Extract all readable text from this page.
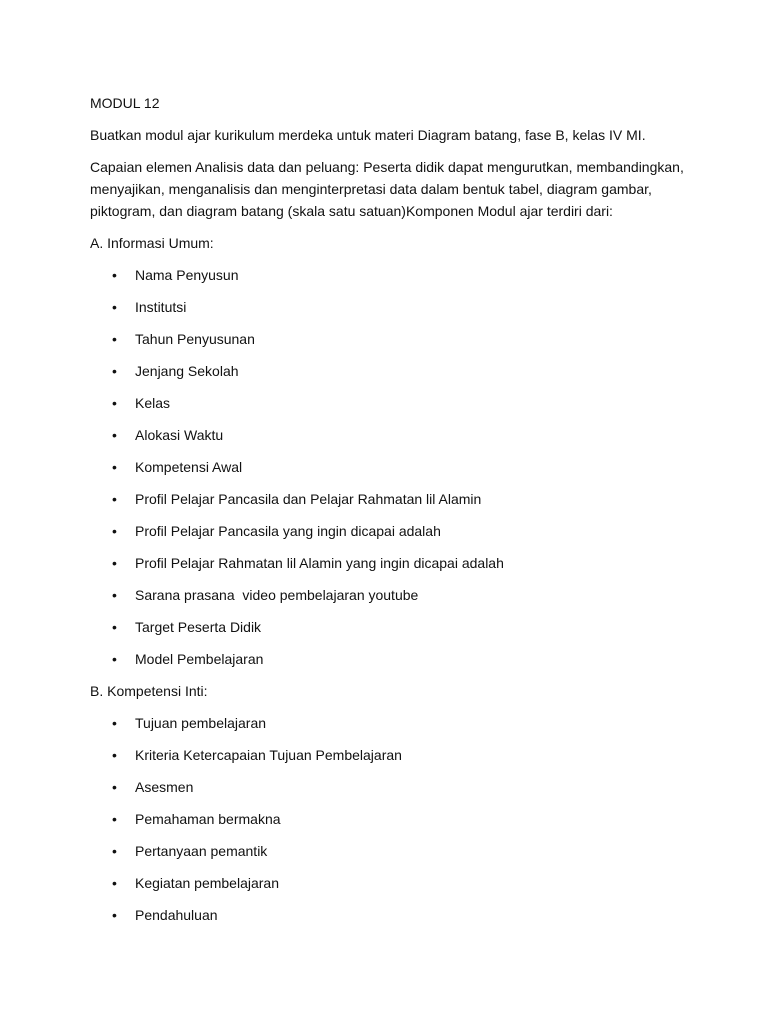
MODUL 12

Buatkan modul ajar kurikulum merdeka untuk materi Diagram batang, fase B, kelas IV MI.

Capaian elemen Analisis data dan peluang: Peserta didik dapat mengurutkan, membandingkan, menyajikan, menganalisis dan menginterpretasi data dalam bentuk tabel, diagram gambar, piktogram, dan diagram batang (skala satu satuan)Komponen Modul ajar terdiri dari:

A. Informasi Umum:

• Nama Penyusun
• Institutsi
• Tahun Penyusunan
• Jenjang Sekolah
• Kelas
• Alokasi Waktu
• Kompetensi Awal
• Profil Pelajar Pancasila dan Pelajar Rahmatan lil Alamin
• Profil Pelajar Pancasila yang ingin dicapai adalah
• Profil Pelajar Rahmatan lil Alamin yang ingin dicapai adalah
• Sarana prasana  video pembelajaran youtube
• Target Peserta Didik
• Model Pembelajaran

B. Kompetensi Inti:

• Tujuan pembelajaran
• Kriteria Ketercapaian Tujuan Pembelajaran
• Asesmen
• Pemahaman bermakna
• Pertanyaan pemantik
• Kegiatan pembelajaran
• Pendahuluan
